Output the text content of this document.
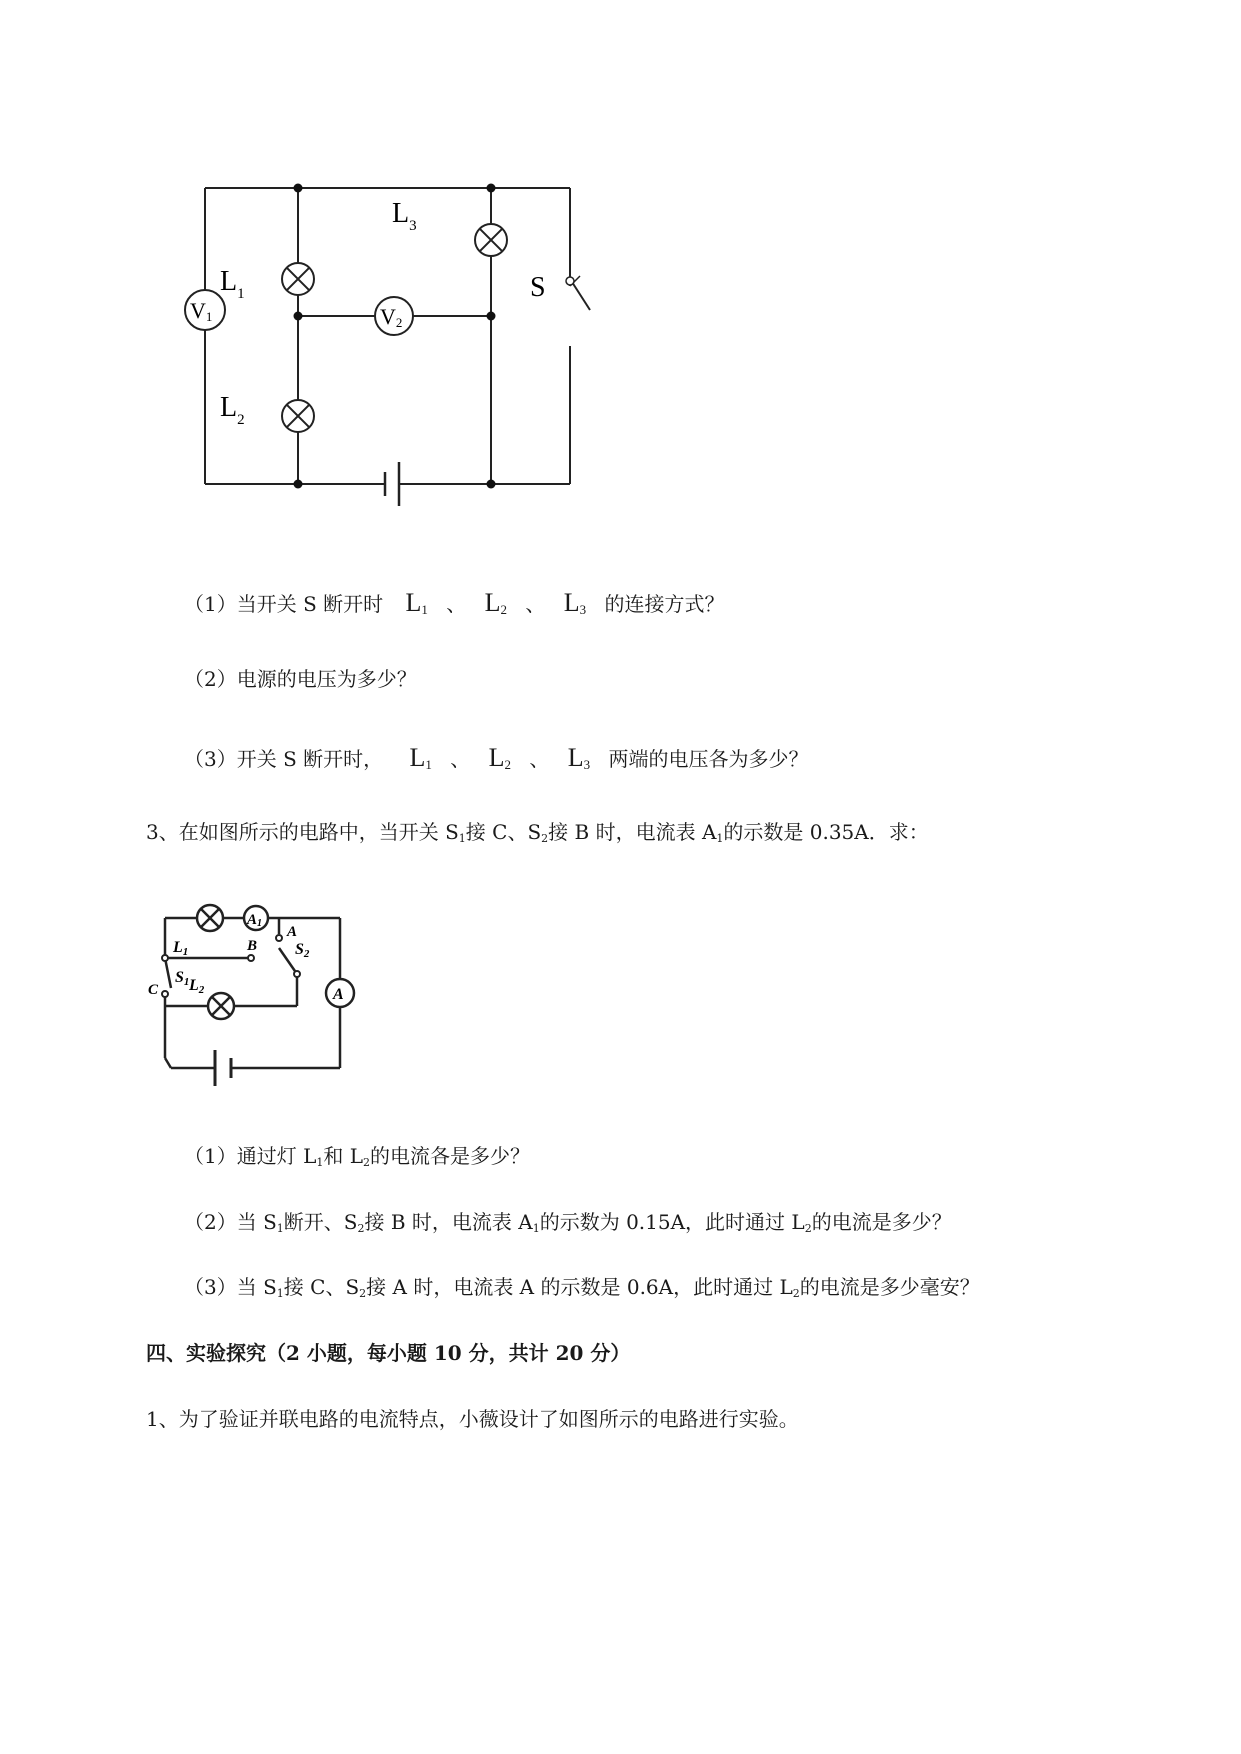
V1	V2
$L_1$
$L_2$
$L_3$
S
（1）当开关 S 断开时 $L_1$ 、 $L_2$ 、 $L_3$ 的连接方式？
（2）电源的电压为多少？
（3）开关 S 断开时， $L_1$ 、 $L_2$ 、 $L_3$ 两端的电压各为多少？
3、在如图所示的电路中，当开关 $S_1$接 C、$S_2$接 B 时，电流表 $A_1$的示数是 0.35A．求：
A1
A
L1
L2
S1
S2
A
B
C
（1）通过灯 $L_1$和 $L_2$的电流各是多少？
（2）当 $S_1$断开、$S_2$接 B 时，电流表 $A_1$的示数为 0.15A，此时通过 $L_2$的电流是多少？
（3）当 $S_1$接 C、$S_2$接 A 时，电流表 A 的示数是 0.6A，此时通过 $L_2$的电流是多少毫安？
四、实验探究（2 小题，每小题 10 分，共计 20 分）
1、为了验证并联电路的电流特点，小薇设计了如图所示的电路进行实验。
